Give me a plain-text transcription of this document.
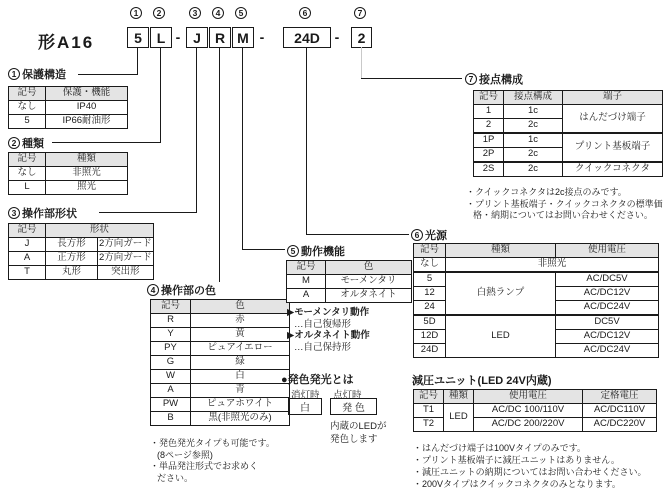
形A16
1	2	3	4	5	6	7
5	L - J	R M -	24D	-	2
1 保護構造
記号	保護・機能
なし	IP40
5	IP66耐油形
2 種類
記号	種類
なし	非照光
L	照光
3 操作部形状
記号	形状	
J	長方形	2方向ガード
A	正方形	2方向ガード
T	丸形	突出形
4 操作部の色
記号	色
R	赤
Y	黄
PY	ピュアイエロー
G	緑
W	白
A	青
PW	ピュアホワイト
B	黒(非照光のみ)
・発色発光タイプも可能です。
(8ページ参照)
・単品発注形式でお求めく
ださい。
5 動作機能
記号	色
M	モーメンタリ
A	オルタネイト
▶モーメンタリ動作
…自己復帰形
▶オルタネイト動作
…自己保持形
●発色発光とは
消灯時 点灯時
白	発 色
内蔵のLEDが
発色します
6 光源
記号	種類	使用電圧
なし	非照光	
5	白熱ランプ	AC/DC5V
12		AC/DC12V
24		AC/DC24V
5D	LED	DC5V
12D		AC/DC12V
24D		AC/DC24V
7 接点構成
記号	接点構成	端子
1	1c	はんだづけ端子
2	2c	
1P	1c	プリント基板端子
2P	2c	
2S	2c	クイックコネクタ
・クイックコネクタは2c接点のみです。
・プリント基板端子・クイックコネクタの標準価
格・納期についてはお問い合わせください。
減圧ユニット(LED 24V内蔵)
記号	種類	使用電圧	定格電圧
T1	LED	AC/DC 100/110V	AC/DC110V
T2		AC/DC 200/220V	AC/DC220V
・はんだづけ端子は100Vタイプのみです。
・プリント基板端子に減圧ユニットはありません。
・減圧ユニットの納期についてはお問い合わせください。
・200Vタイプはクイックコネクタのみとなります。
